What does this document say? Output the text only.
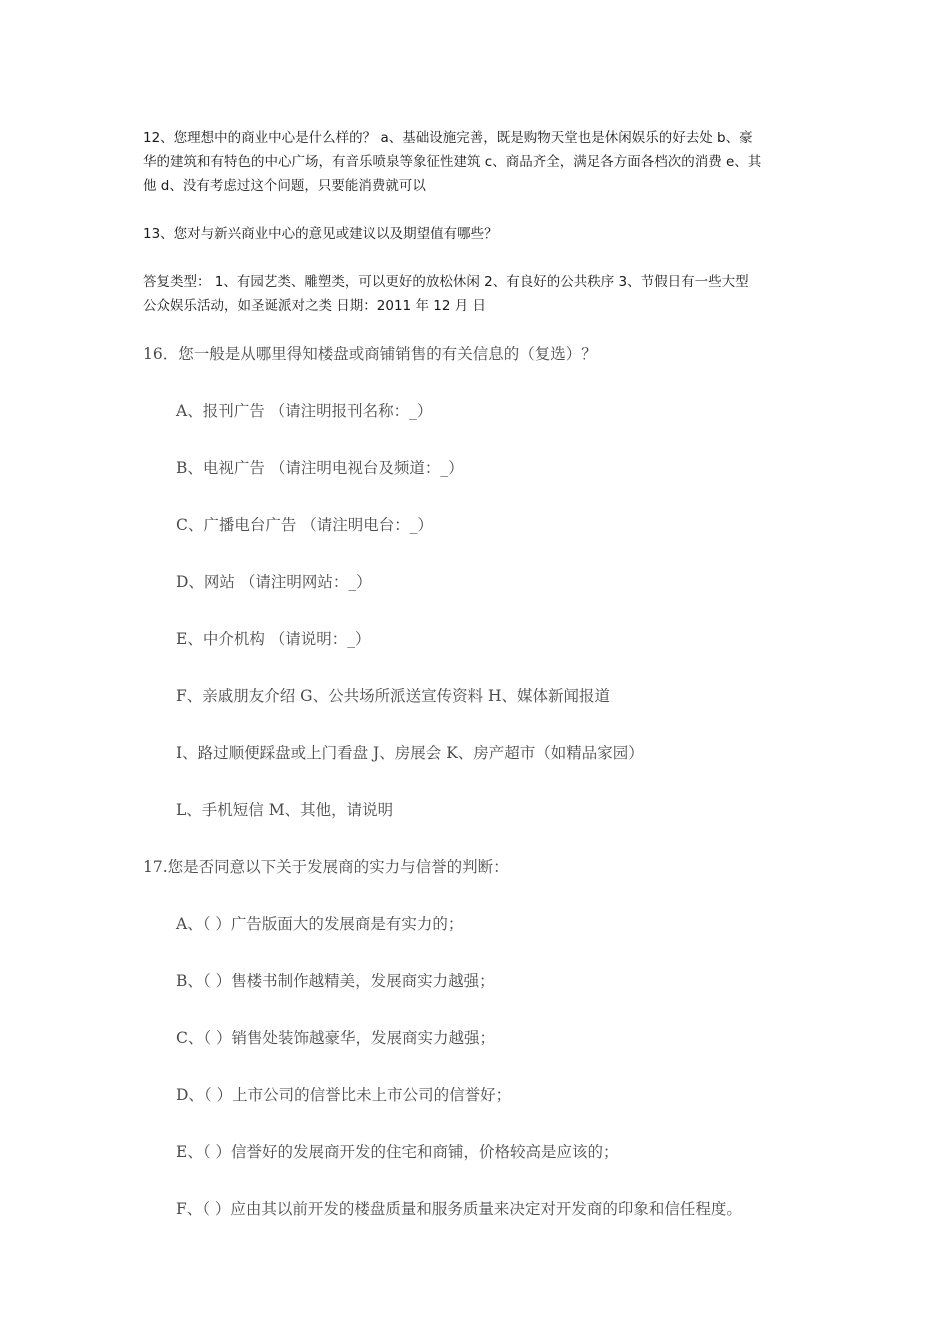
12、您理想中的商业中心是什么样的？ a、基础设施完善，既是购物天堂也是休闲娱乐的好去处 b、豪
华的建筑和有特色的中心广场，有音乐喷泉等象征性建筑 c、商品齐全，满足各方面各档次的消费 e、其
他 d、没有考虑过这个问题，只要能消费就可以
13、您对与新兴商业中心的意见或建议以及期望值有哪些？
答复类型： 1、有园艺类、雕塑类，可以更好的放松休闲 2、有良好的公共秩序 3、节假日有一些大型
公众娱乐活动，如圣诞派对之类 日期：2011 年 12 月 日
16．您一般是从哪里得知楼盘或商铺销售的有关信息的（复选）？
A、报刊广告 （请注明报刊名称：_）
B、电视广告 （请注明电视台及频道：_）
C、广播电台广告 （请注明电台：_）
D、网站 （请注明网站：_）
E、中介机构 （请说明：_）
F、亲戚朋友介绍 G、公共场所派送宣传资料 H、媒体新闻报道
I、路过顺便踩盘或上门看盘 J、房展会 K、房产超市（如精品家园）
L、手机短信 M、其他，请说明
17.您是否同意以下关于发展商的实力与信誉的判断：
A、（ ）广告版面大的发展商是有实力的；
B、（ ）售楼书制作越精美，发展商实力越强；
C、（ ）销售处装饰越豪华，发展商实力越强；
D、（ ）上市公司的信誉比未上市公司的信誉好；
E、（ ）信誉好的发展商开发的住宅和商铺，价格较高是应该的；
F、（ ）应由其以前开发的楼盘质量和服务质量来决定对开发商的印象和信任程度。
